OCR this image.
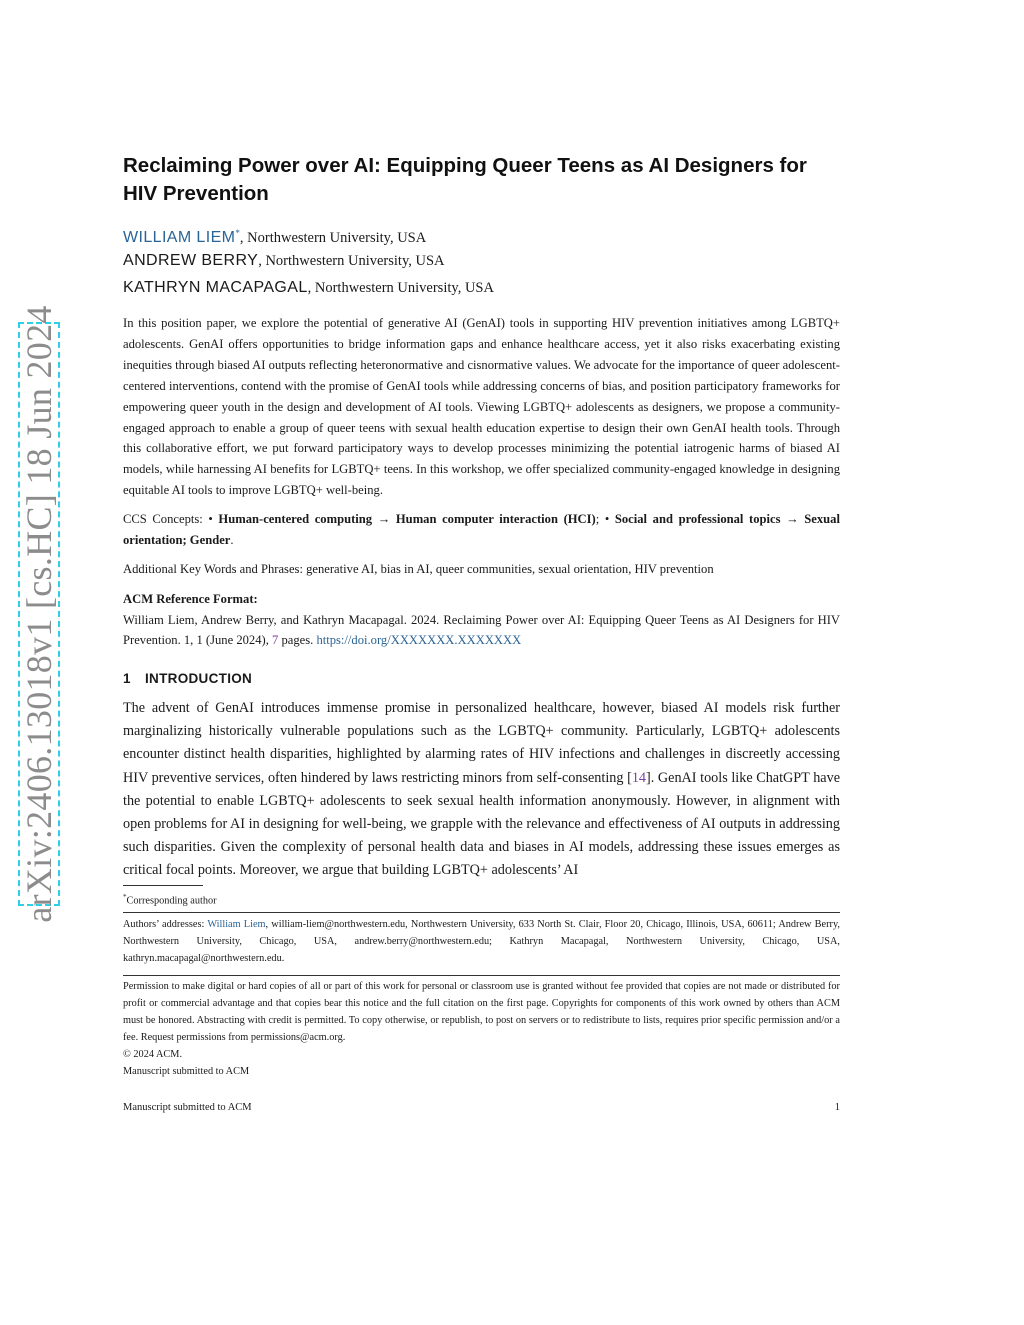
arXiv:2406.13018v1 [cs.HC] 18 Jun 2024
Reclaiming Power over AI: Equipping Queer Teens as AI Designers for HIV Prevention
WILLIAM LIEM*, Northwestern University, USA
ANDREW BERRY, Northwestern University, USA
KATHRYN MACAPAGAL, Northwestern University, USA
In this position paper, we explore the potential of generative AI (GenAI) tools in supporting HIV prevention initiatives among LGBTQ+ adolescents. GenAI offers opportunities to bridge information gaps and enhance healthcare access, yet it also risks exacerbating existing inequities through biased AI outputs reflecting heteronormative and cisnormative values. We advocate for the importance of queer adolescent-centered interventions, contend with the promise of GenAI tools while addressing concerns of bias, and position participatory frameworks for empowering queer youth in the design and development of AI tools. Viewing LGBTQ+ adolescents as designers, we propose a community-engaged approach to enable a group of queer teens with sexual health education expertise to design their own GenAI health tools. Through this collaborative effort, we put forward participatory ways to develop processes minimizing the potential iatrogenic harms of biased AI models, while harnessing AI benefits for LGBTQ+ teens. In this workshop, we offer specialized community-engaged knowledge in designing equitable AI tools to improve LGBTQ+ well-being.
CCS Concepts: • Human-centered computing → Human computer interaction (HCI); • Social and professional topics → Sexual orientation; Gender.
Additional Key Words and Phrases: generative AI, bias in AI, queer communities, sexual orientation, HIV prevention
ACM Reference Format:
William Liem, Andrew Berry, and Kathryn Macapagal. 2024. Reclaiming Power over AI: Equipping Queer Teens as AI Designers for HIV Prevention. 1, 1 (June 2024), 7 pages. https://doi.org/XXXXXXX.XXXXXXX
1 INTRODUCTION
The advent of GenAI introduces immense promise in personalized healthcare, however, biased AI models risk further marginalizing historically vulnerable populations such as the LGBTQ+ community. Particularly, LGBTQ+ adolescents encounter distinct health disparities, highlighted by alarming rates of HIV infections and challenges in discreetly accessing HIV preventive services, often hindered by laws restricting minors from self-consenting [14]. GenAI tools like ChatGPT have the potential to enable LGBTQ+ adolescents to seek sexual health information anonymously. However, in alignment with open problems for AI in designing for well-being, we grapple with the relevance and effectiveness of AI outputs in addressing such disparities. Given the complexity of personal health data and biases in AI models, addressing these issues emerges as critical focal points. Moreover, we argue that building LGBTQ+ adolescents’ AI
*Corresponding author
Authors’ addresses: William Liem, william-liem@northwestern.edu, Northwestern University, 633 North St. Clair, Floor 20, Chicago, Illinois, USA, 60611; Andrew Berry, Northwestern University, Chicago, USA, andrew.berry@northwestern.edu; Kathryn Macapagal, Northwestern University, Chicago, USA, kathryn.macapagal@northwestern.edu.
Permission to make digital or hard copies of all or part of this work for personal or classroom use is granted without fee provided that copies are not made or distributed for profit or commercial advantage and that copies bear this notice and the full citation on the first page. Copyrights for components of this work owned by others than ACM must be honored. Abstracting with credit is permitted. To copy otherwise, or republish, to post on servers or to redistribute to lists, requires prior specific permission and/or a fee. Request permissions from permissions@acm.org.
© 2024 ACM.
Manuscript submitted to ACM
Manuscript submitted to ACM	1
